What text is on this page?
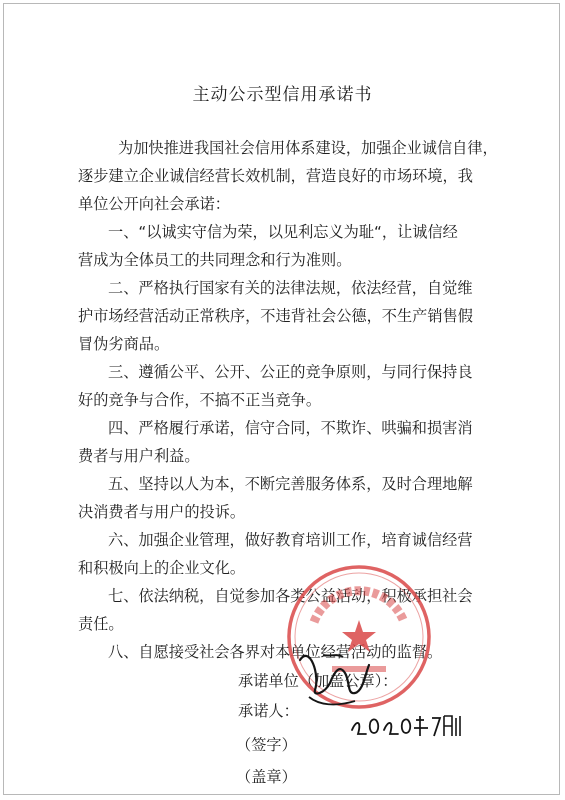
主动公示型信用承诺书
为加快推进我国社会信用体系建设，加强企业诚信自律，
逐步建立企业诚信经营长效机制，营造良好的市场环境，我
单位公开向社会承诺：
一、“以诚实守信为荣，以见利忘义为耻“，让诚信经
营成为全体员工的共同理念和行为准则。
二、严格执行国家有关的法律法规，依法经营，自觉维
护市场经营活动正常秩序，不违背社会公德，不生产销售假
冒伪劣商品。
三、遵循公平、公开、公正的竞争原则，与同行保持良
好的竞争与合作，不搞不正当竞争。
四、严格履行承诺，信守合同，不欺诈、哄骗和损害消
费者与用户利益。
五、坚持以人为本，不断完善服务体系，及时合理地解
决消费者与用户的投诉。
六、加强企业管理，做好教育培训工作，培育诚信经营
和积极向上的企业文化。
七、依法纳税，自觉参加各类公益活动，积极承担社会
责任。
八、自愿接受社会各界对本单位经营活动的监督。
承诺单位（加盖公章）：
承诺人：
（签字）
（盖章）
